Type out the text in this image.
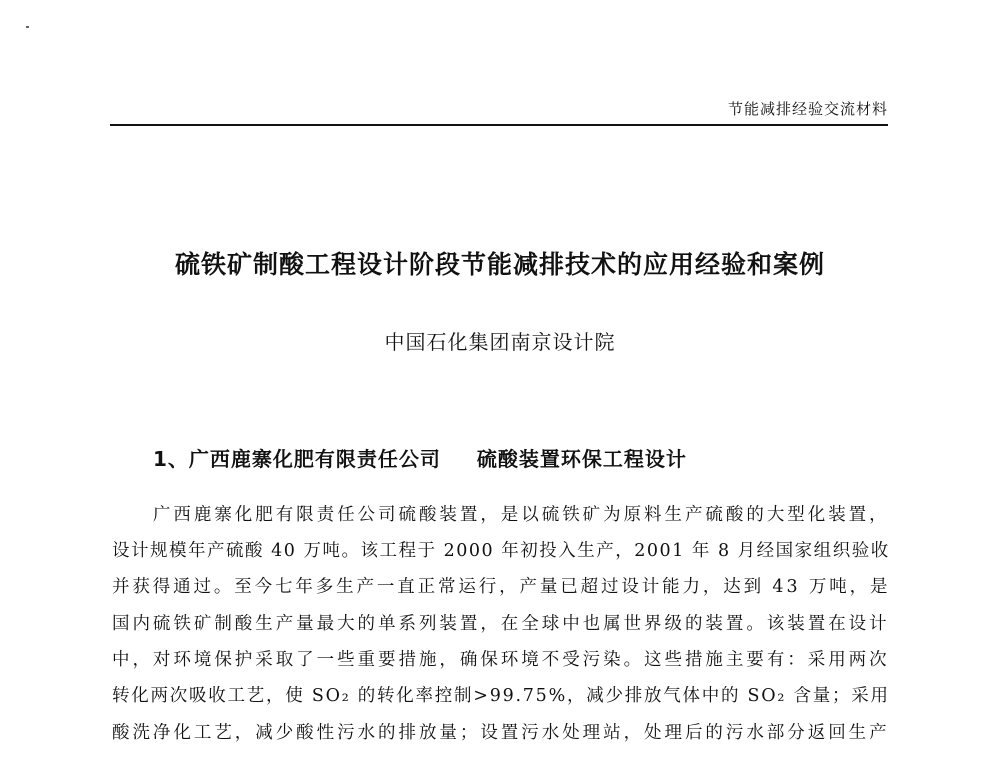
节能减排经验交流材料
硫铁矿制酸工程设计阶段节能减排技术的应用经验和案例
中国石化集团南京设计院
1、广西鹿寨化肥有限责任公司 硫酸装置环保工程设计
　　广西鹿寨化肥有限责任公司硫酸装置，是以硫铁矿为原料生产硫酸的大型化装置，
设计规模年产硫酸 40 万吨。该工程于 2000 年初投入生产，2001 年 8 月经国家组织验收
并获得通过。至今七年多生产一直正常运行，产量已超过设计能力，达到 43 万吨，是
国内硫铁矿制酸生产量最大的单系列装置，在全球中也属世界级的装置。该装置在设计
中，对环境保护采取了一些重要措施，确保环境不受污染。这些措施主要有：采用两次
转化两次吸收工艺，使 SO₂ 的转化率控制>99.75%，减少排放气体中的 SO₂ 含量；采用
酸洗净化工艺，减少酸性污水的排放量；设置污水处理站，处理后的污水部分返回生产
